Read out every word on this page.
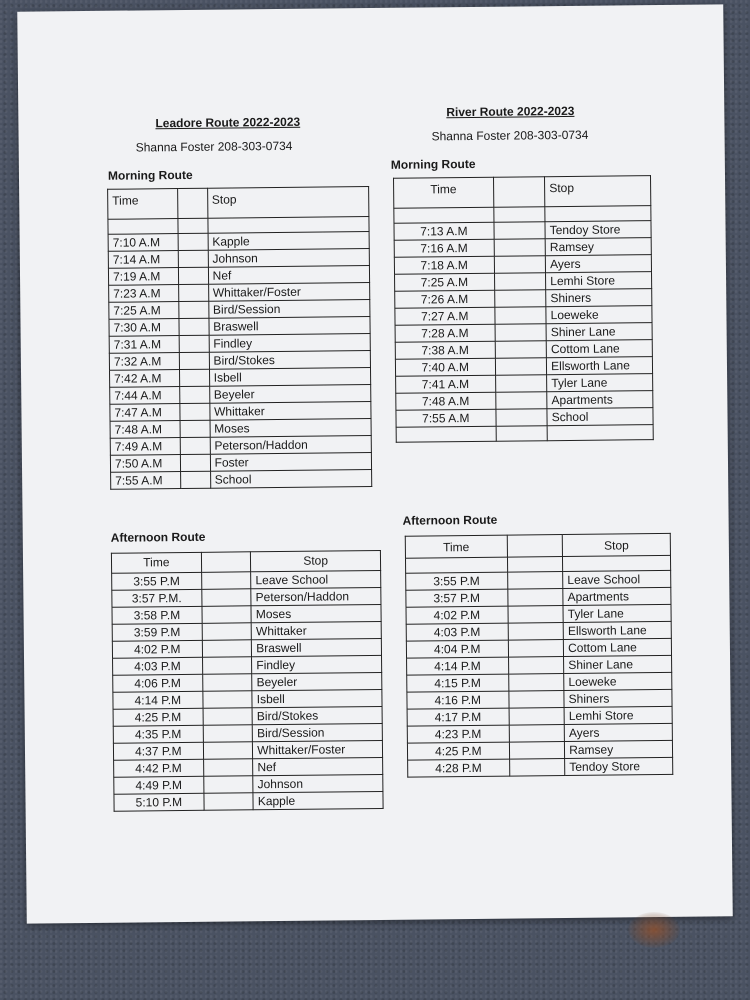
Leadore Route 2022-2023
Shanna Foster 208-303-0734
River Route 2022-2023
Shanna Foster 208-303-0734
Morning Route
Time		Stop

7:10 A.M		Kapple
7:14 A.M		Johnson
7:19 A.M		Nef
7:23 A.M		Whittaker/Foster
7:25 A.M		Bird/Session
7:30 A.M		Braswell
7:31 A.M		Findley
7:32 A.M		Bird/Stokes
7:42 A.M		Isbell
7:44 A.M		Beyeler
7:47 A.M		Whittaker
7:48 A.M		Moses
7:49 A.M		Peterson/Haddon
7:50 A.M		Foster
7:55 A.M		School
Morning Route
Time		Stop

7:13 A.M		Tendoy Store
7:16 A.M		Ramsey
7:18 A.M		Ayers
7:25 A.M		Lemhi Store
7:26 A.M		Shiners
7:27 A.M		Loeweke
7:28 A.M		Shiner Lane
7:38 A.M		Cottom Lane
7:40 A.M		Ellsworth Lane
7:41 A.M		Tyler Lane
7:48 A.M		Apartments
7:55 A.M		School

Afternoon Route
Time		Stop
3:55 P.M		Leave School
3:57 P.M.		Peterson/Haddon
3:58 P.M		Moses
3:59 P.M		Whittaker
4:02 P.M		Braswell
4:03 P.M		Findley
4:06 P.M		Beyeler
4:14 P.M		Isbell
4:25 P.M		Bird/Stokes
4:35 P.M		Bird/Session
4:37 P.M		Whittaker/Foster
4:42 P.M		Nef
4:49 P.M		Johnson
5:10 P.M		Kapple
Afternoon Route
Time		Stop

3:55 P.M		Leave School
3:57 P.M		Apartments
4:02 P.M		Tyler Lane
4:03 P.M		Ellsworth Lane
4:04 P.M		Cottom Lane
4:14 P.M		Shiner Lane
4:15 P.M		Loeweke
4:16 P.M		Shiners
4:17 P.M		Lemhi Store
4:23 P.M		Ayers
4:25 P.M		Ramsey
4:28 P.M		Tendoy Store
